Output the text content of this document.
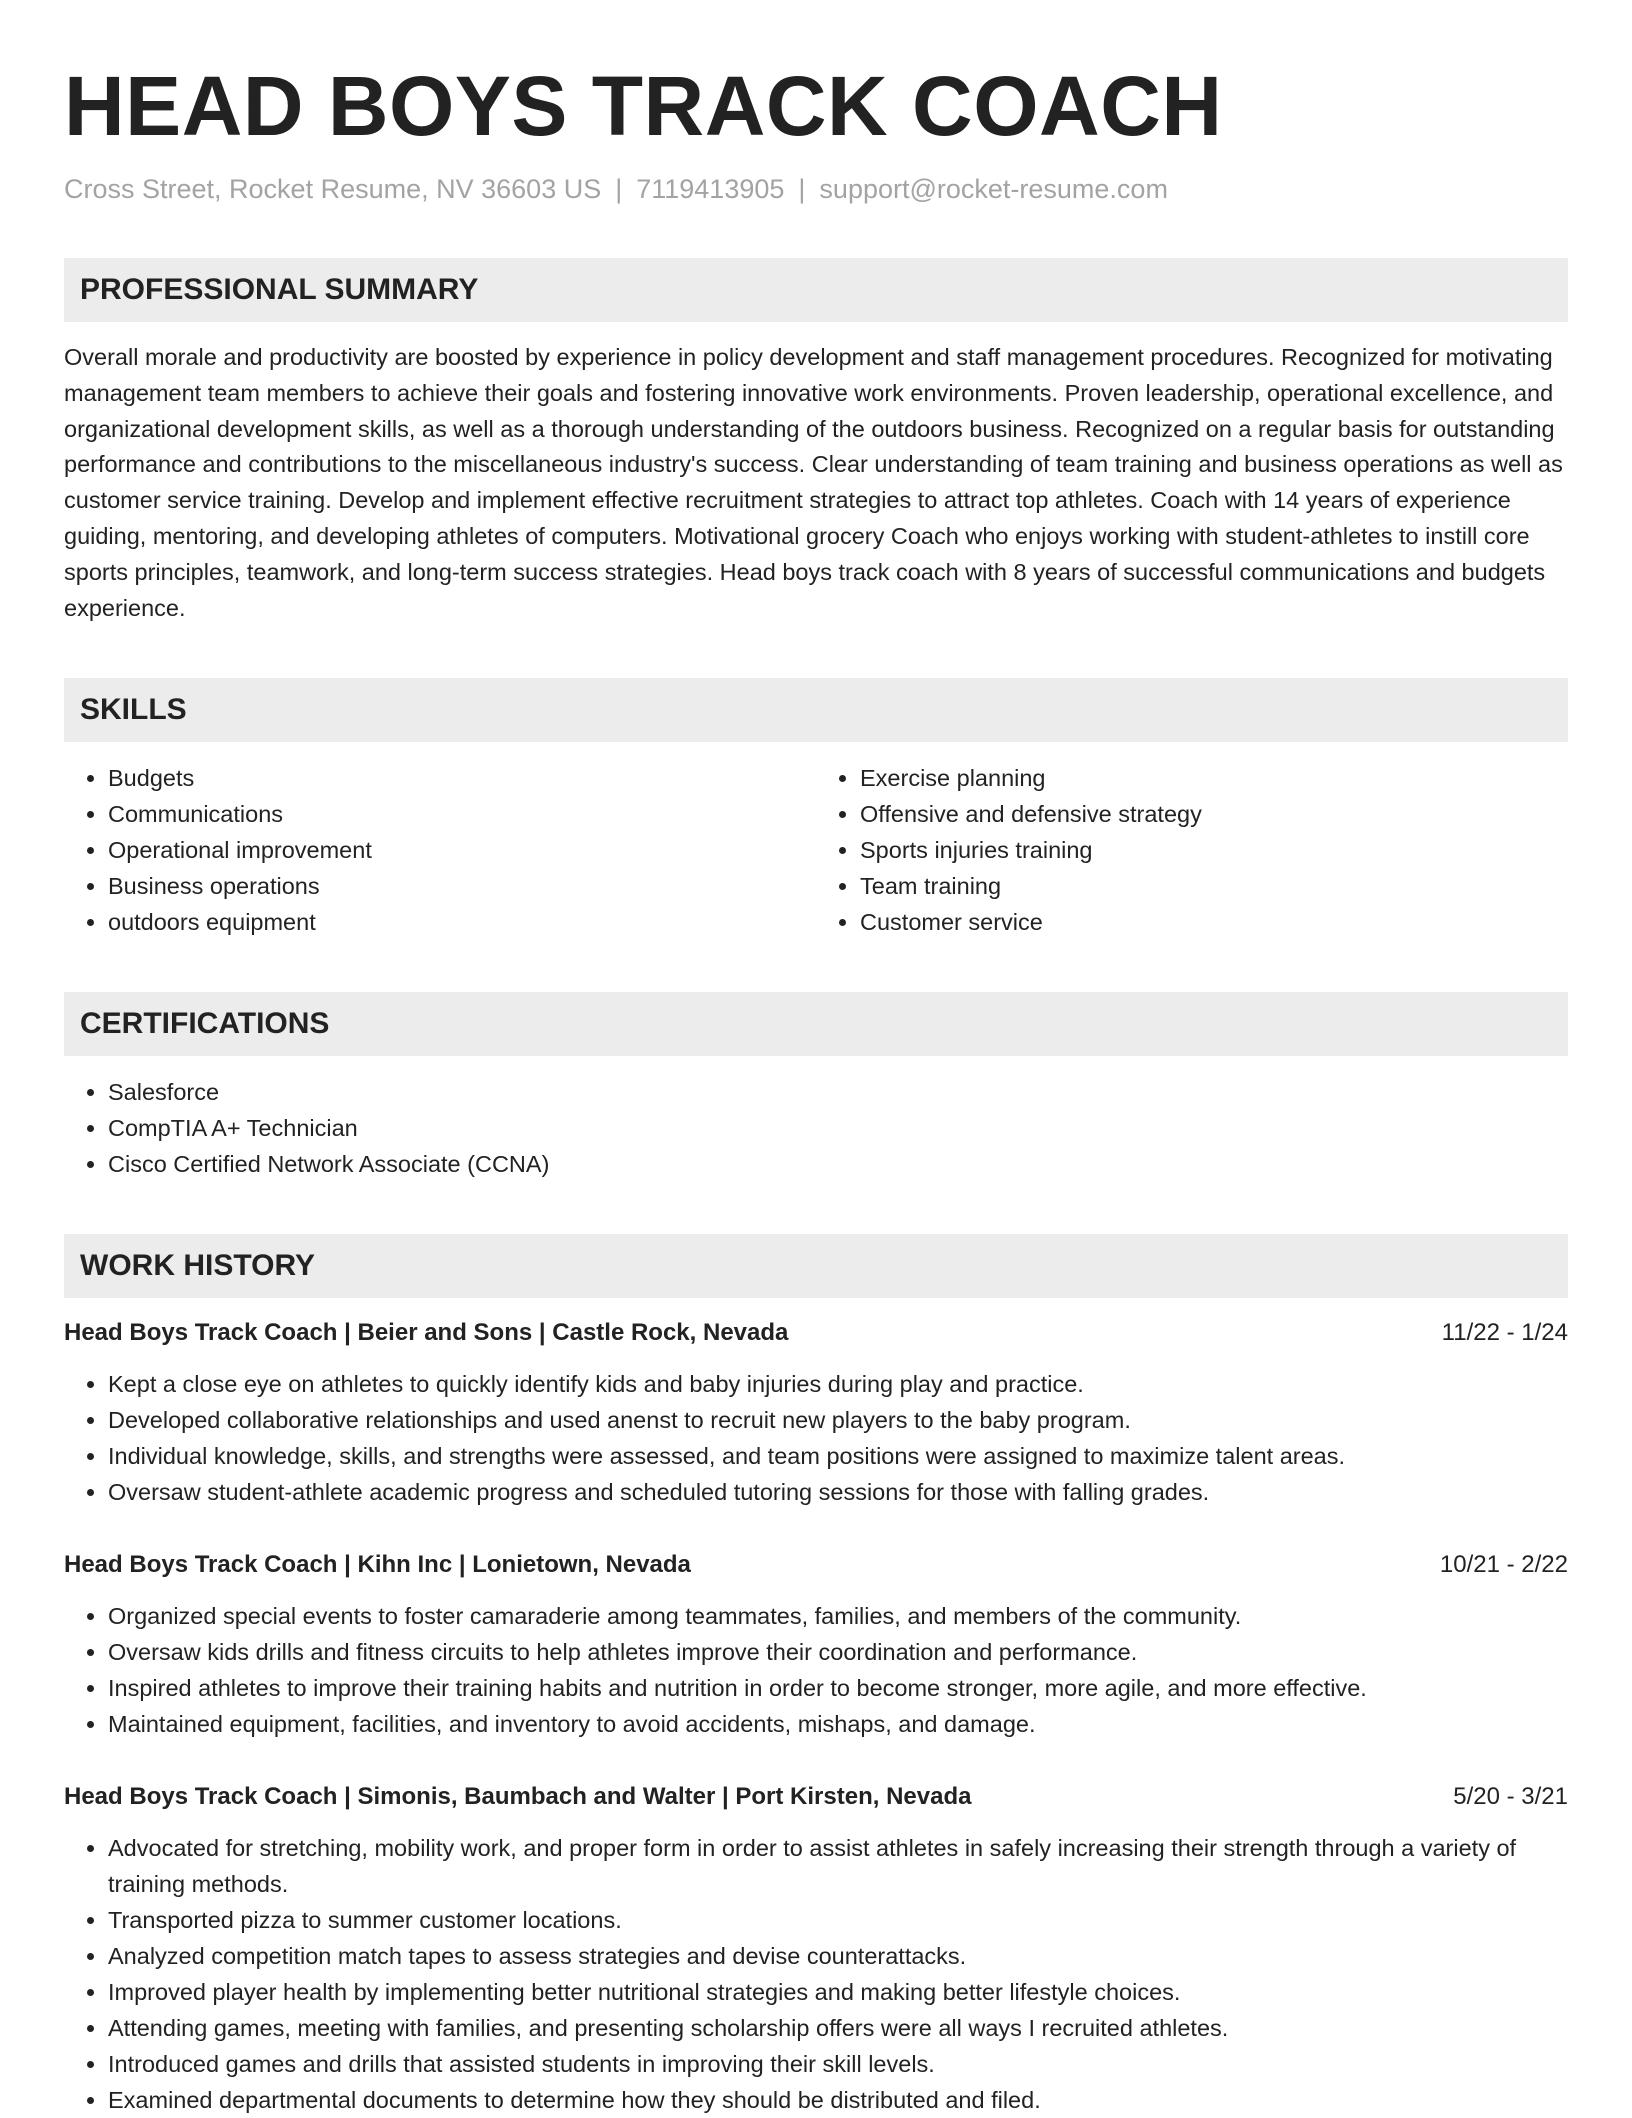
HEAD BOYS TRACK COACH
Cross Street, Rocket Resume, NV 36603 US | 7119413905 | support@rocket-resume.com
PROFESSIONAL SUMMARY

Overall morale and productivity are boosted by experience in policy development and staff management procedures. Recognized for motivating management team members to achieve their goals and fostering innovative work environments. Proven leadership, operational excellence, and organizational development skills, as well as a thorough understanding of the outdoors business. Recognized on a regular basis for outstanding performance and contributions to the miscellaneous industry's success. Clear understanding of team training and business operations as well as customer service training. Develop and implement effective recruitment strategies to attract top athletes. Coach with 14 years of experience guiding, mentoring, and developing athletes of computers. Motivational grocery Coach who enjoys working with student-athletes to instill core sports principles, teamwork, and long-term success strategies. Head boys track coach with 8 years of successful communications and budgets experience.

SKILLS
• Budgets
• Communications
• Operational improvement
• Business operations
• outdoors equipment
• Exercise planning
• Offensive and defensive strategy
• Sports injuries training
• Team training
• Customer service
CERTIFICATIONS
• Salesforce
• CompTIA A+ Technician
• Cisco Certified Network Associate (CCNA)
WORK HISTORY
Head Boys Track Coach | Beier and Sons | Castle Rock, Nevada	11/22 - 1/24
• Kept a close eye on athletes to quickly identify kids and baby injuries during play and practice.
• Developed collaborative relationships and used anenst to recruit new players to the baby program.
• Individual knowledge, skills, and strengths were assessed, and team positions were assigned to maximize talent areas.
• Oversaw student-athlete academic progress and scheduled tutoring sessions for those with falling grades.
Head Boys Track Coach | Kihn Inc | Lonietown, Nevada	10/21 - 2/22
• Organized special events to foster camaraderie among teammates, families, and members of the community.
• Oversaw kids drills and fitness circuits to help athletes improve their coordination and performance.
• Inspired athletes to improve their training habits and nutrition in order to become stronger, more agile, and more effective.
• Maintained equipment, facilities, and inventory to avoid accidents, mishaps, and damage.
Head Boys Track Coach | Simonis, Baumbach and Walter | Port Kirsten, Nevada	5/20 - 3/21
• Advocated for stretching, mobility work, and proper form in order to assist athletes in safely increasing their strength through a variety of training methods.
• Transported pizza to summer customer locations.
• Analyzed competition match tapes to assess strategies and devise counterattacks.
• Improved player health by implementing better nutritional strategies and making better lifestyle choices.
• Attending games, meeting with families, and presenting scholarship offers were all ways I recruited athletes.
• Introduced games and drills that assisted students in improving their skill levels.
• Examined departmental documents to determine how they should be distributed and filed.
